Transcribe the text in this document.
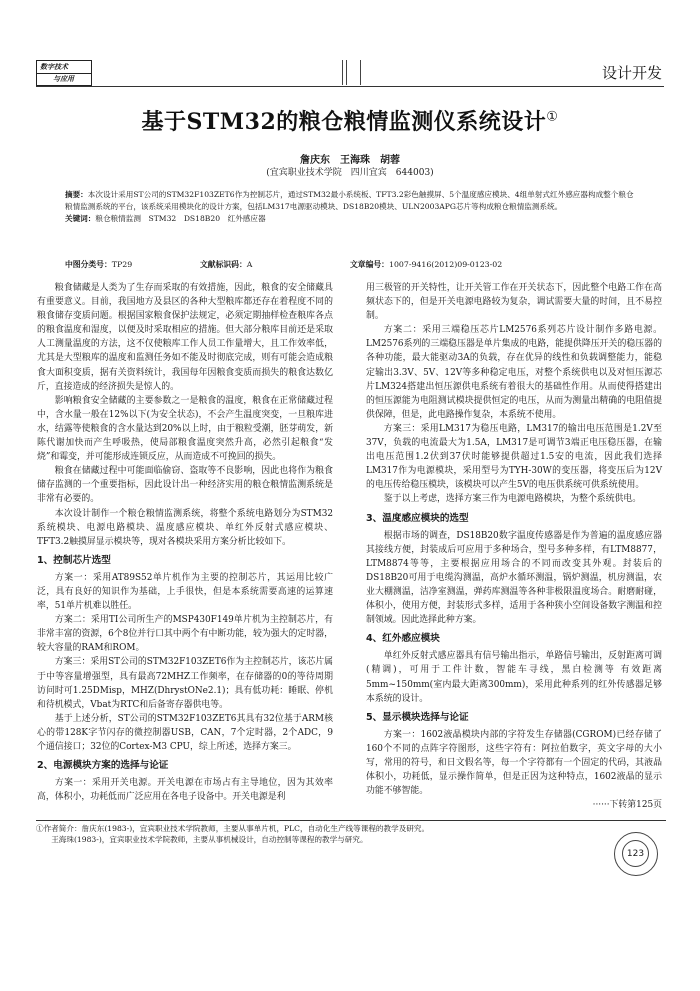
数字技术
与应用	设计开发
基于STM32的粮仓粮情监测仪系统设计①
詹庆东　王海珠　胡蓉
(宜宾职业技术学院　四川宜宾　644003)
摘要：本次设计采用ST公司的STM32F103ZET6作为控制芯片，通过STM32最小系统板、TFT3.2彩色触摸屏、5个温度感应模块、4组单射式红外感应器构成整个粮仓粮情监测系统的平台，该系统采用模块化的设计方案，包括LM317电源驱动模块、DS18B20模块、ULN2003APG芯片等构成粮仓粮情监测系统。
关键词：粮仓粮情监测　STM32　DS18B20　红外感应器
中图分类号：TP29	文献标识码：A	文章编号：1007-9416(2012)09-0123-02

粮食储藏是人类为了生存而采取的有效措施，因此，粮食的安全储藏具有重要意义。目前，我国地方及县区的各种大型粮库都还存在着程度不同的粮食储存变质问题。根据国家粮食保护法规定，必须定期抽样检查粮库各点的粮食温度和湿度，以便及时采取相应的措施。但大部分粮库目前还是采取人工测量温度的方法，这不仅使粮库工作人员工作量增大，且工作效率低，尤其是大型粮库的温度和监测任务如不能及时彻底完成，则有可能会造成粮食大面积变质，据有关资料统计，我国每年因粮食变质而损失的粮食达数亿斤，直接造成的经济损失是惊人的。

影响粮食安全储藏的主要参数之一是粮食的温度，粮食在正常储藏过程中，含水量一般在12%以下(为安全状态)，不会产生温度突变，一旦粮库进水，结露等使粮食的含水量达到20%以上时，由于粮粒受潮，胚芽萌发，新陈代谢加快而产生呼吸热，使局部粮食温度突然升高，必然引起粮食“发烧”和霉变，并可能形成连锁反应，从而造成不可挽回的损失。

粮食在储藏过程中可能面临偷窃、盗取等不良影响，因此也将作为粮食储存监测的一个重要指标，因此设计出一种经济实用的粮仓粮情监测系统是非常有必要的。

本次设计制作一个粮仓粮情监测系统，将整个系统电路划分为STM32系统模块、电源电路模块、温度感应模块、单红外反射式感应模块、TFT3.2触摸屏显示模块等，现对各模块采用方案分析比较如下。

1、控制芯片选型

方案一：采用AT89S52单片机作为主要的控制芯片，其运用比较广泛，具有良好的知识作为基础，上手很快，但是本系统需要高速的运算速率，51单片机难以胜任。

方案二：采用TI公司所生产的MSP430F149单片机为主控制芯片，有非常丰富的资源，6个8位并行口其中两个有中断功能，较为强大的定时器，较大容量的RAM和ROM。

方案三：采用ST公司的STM32F103ZET6作为主控制芯片，该芯片属于中等容量增强型，具有最高72MHZ工作频率，在存储器的0的等待周期访问时可1.25DMisp，MHZ(DhrystONe2.1)；具有低功耗：睡眠、停机和待机模式，Vbat为RTC和后备寄存器供电等。

基于上述分析，ST公司的STM32F103ZET6其具有32位基于ARM核心的带128K字节闪存的微控制器USB，CAN，7个定时器，2个ADC，9个通信接口；32位的Cortex-M3 CPU，综上所述，选择方案三。

2、电源模块方案的选择与论证

方案一：采用开关电源。开关电源在市场占有主导地位，因为其效率高，体积小，功耗低而广泛应用在各电子设备中。开关电源是利

用三极管的开关特性，让开关管工作在开关状态下，因此整个电路工作在高频状态下的，但是开关电源电路较为复杂，调试需要大量的时间，且不易控制。

方案二：采用三端稳压芯片LM2576系列芯片设计制作多路电源。LM2576系列的三端稳压器是单片集成的电路，能提供降压开关的稳压器的各种功能，最大能驱动3A的负载，存在优异的线性和负载调整能力，能稳定输出3.3V、5V、12V等多种稳定电压，对整个系统供电以及对恒压源芯片LM324搭建出恒压源供电系统有着很大的基础性作用。从而使得搭建出的恒压源能为电阻测试模块提供恒定的电压，从而为测量出精确的电阻值提供保障，但是，此电路操作复杂，本系统不使用。

方案三：采用LM317为稳压电路，LM317的输出电压范围是1.2V至37V，负载的电流最大为1.5A，LM317是可调节3端正电压稳压器，在输出电压范围1.2伏到37伏时能够提供超过1.5安的电流，因此我们选择LM317作为电源模块，采用型号为TYH-30W的变压器，将变压后为12V的电压传给稳压模块，该模块可以产生5V的电压供系统可供系统使用。

鉴于以上考虑，选择方案三作为电源电路模块，为整个系统供电。

3、温度感应模块的选型

根据市场的调查，DS18B20数字温度传感器是作为普遍的温度感应器其接线方便，封装成后可应用于多种场合，型号多种多样，有LTM8877，LTM8874等等，主要根据应用场合的不同而改变其外观。封装后的DS18B20可用于电缆沟测温，高炉水循环测温，锅炉测温，机房测温，农业大棚测温，洁净室测温，弹药库测温等各种非极限温度场合。耐磨耐碰，体积小，使用方便，封装形式多样，适用于各种狭小空间设备数字测温和控制领域。因此选择此种方案。

4、红外感应模块

单红外反射式感应器具有信号输出指示，单路信号输出，反射距离可调(精调)，可用于工件计数，智能车寻线，黑白检测等 有效距离5mm~150mm(室内最大距离300mm)，采用此种系列的红外传感器足够本系统的设计。

5、显示模块选择与论证

方案一：1602液晶模块内部的字符发生存储器(CGROM)已经存储了160个不同的点阵字符图形，这些字符有：阿拉伯数字，英文字母的大小写，常用的符号，和日文假名等，每一个字符都有一个固定的代码，其液晶体积小，功耗低，显示操作简单，但是正因为这种特点，1602液晶的显示功能不够智能。

······下转第125页

①作者简介：詹庆东(1983-)，宜宾职业技术学院教师，主要从事单片机，PLC，自动化生产线等课程的教学及研究。
王海珠(1983-)，宜宾职业技术学院教师，主要从事机械设计，自动控制等课程的教学与研究。
123
